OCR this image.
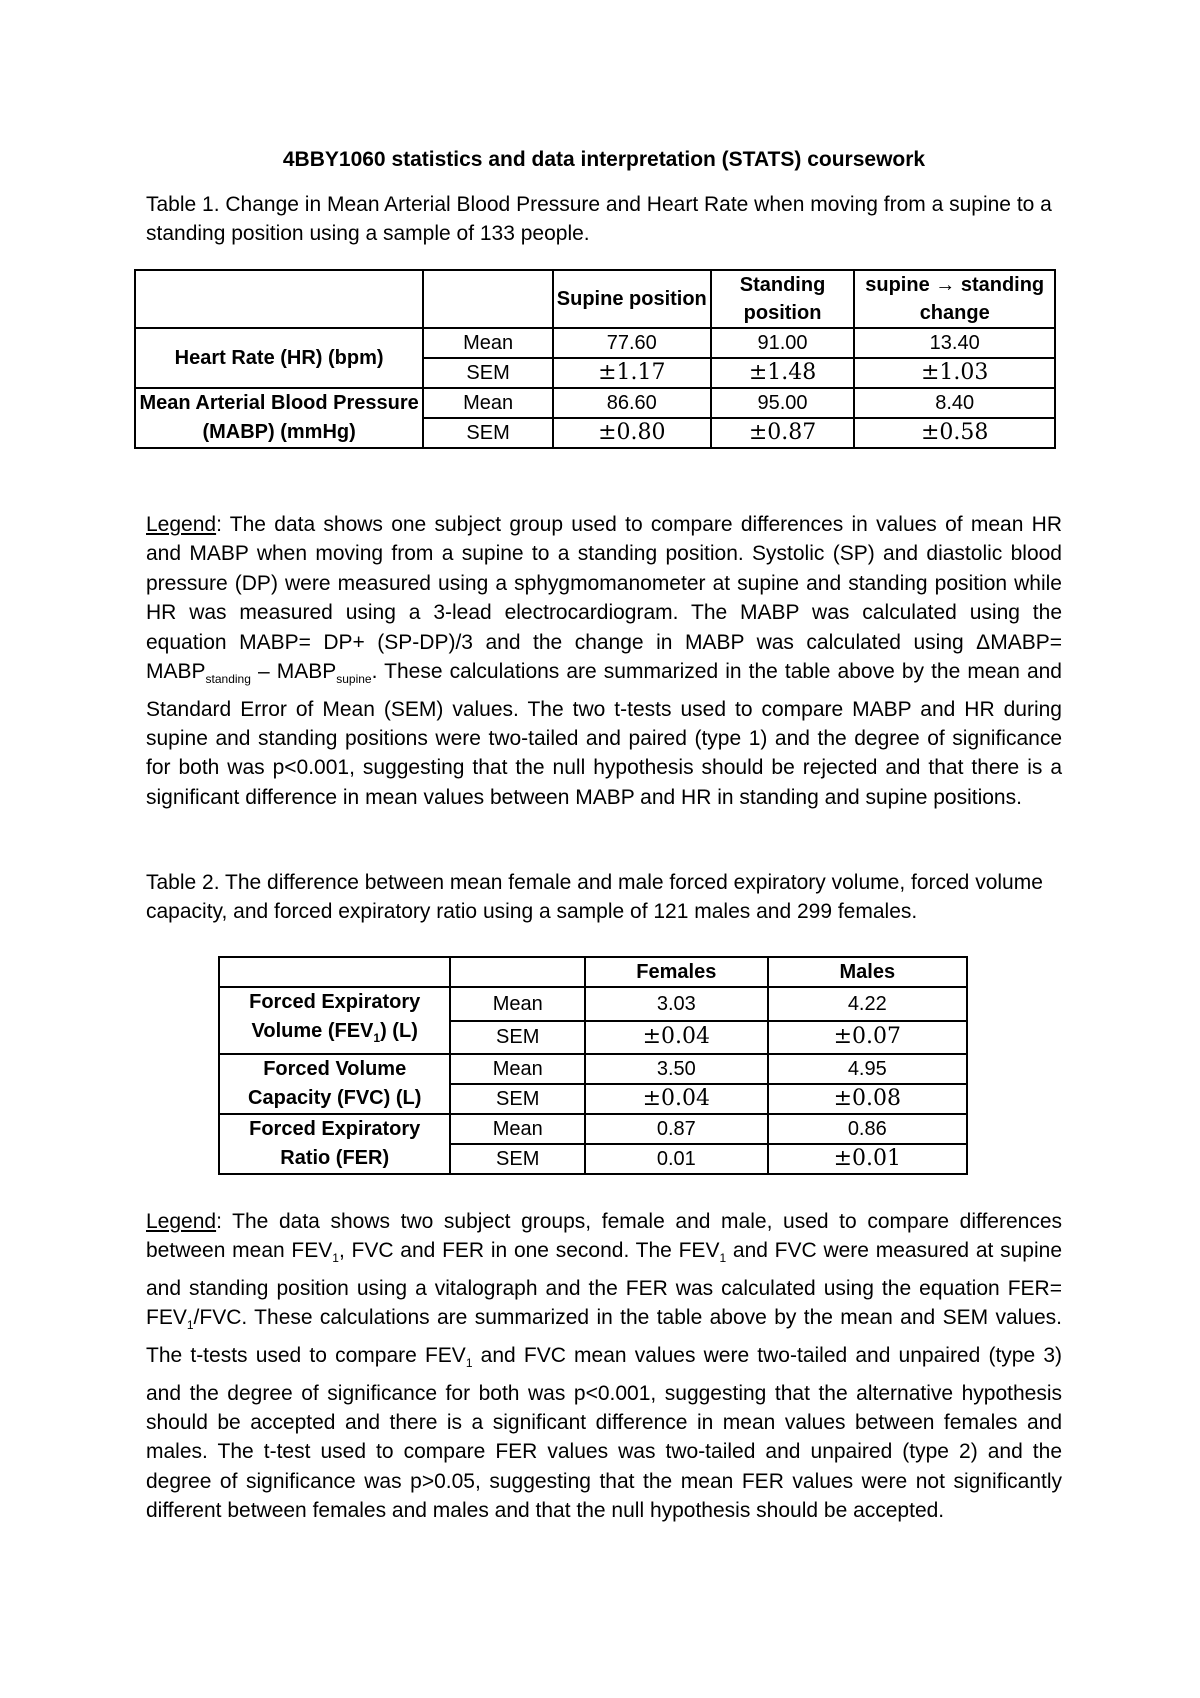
4BBY1060 statistics and data interpretation (STATS) coursework
Table 1. Change in Mean Arterial Blood Pressure and Heart Rate when moving from a supine to a standing position using a sample of 133 people.
		Supine position	Standing position	supine → standing change
Heart Rate (HR) (bpm)	Mean	77.60	91.00	13.40
	SEM	±1.17	±1.48	±1.03
Mean Arterial Blood Pressure (MABP) (mmHg)	Mean	86.60	95.00	8.40
	SEM	±0.80	±0.87	±0.58
Legend: The data shows one subject group used to compare differences in values of mean HR and MABP when moving from a supine to a standing position. Systolic (SP) and diastolic blood pressure (DP) were measured using a sphygmomanometer at supine and standing position while HR was measured using a 3-lead electrocardiogram. The MABP was calculated using the equation MABP= DP+ (SP-DP)/3 and the change in MABP was calculated using ΔMABP= $MABP_{standing}$ – $MABP_{supine}$. These calculations are summarized in the table above by the mean and Standard Error of Mean (SEM) values. The two t-tests used to compare MABP and HR during supine and standing positions were two-tailed and paired (type 1) and the degree of significance for both was p<0.001, suggesting that the null hypothesis should be rejected and that there is a significant difference in mean values between MABP and HR in standing and supine positions.
Table 2. The difference between mean female and male forced expiratory volume, forced volume capacity, and forced expiratory ratio using a sample of 121 males and 299 females.
		Females	Males
Forced Expiratory
Volume $(FEV_1)$ (L)	Mean	3.03	4.22
	SEM	±0.04	±0.07
Forced Volume
Capacity (FVC) (L)	Mean	3.50	4.95
	SEM	±0.04	±0.08
Forced Expiratory
Ratio (FER)	Mean	0.87	0.86
	SEM	0.01	±0.01
Legend: The data shows two subject groups, female and male, used to compare differences between mean $FEV_1$, FVC and FER in one second. The $FEV_1$ and FVC were measured at supine and standing position using a vitalograph and the FER was calculated using the equation $FER= FEV_1$/FVC. These calculations are summarized in the table above by the mean and SEM values. The t-tests used to compare $FEV_1$ and FVC mean values were two-tailed and unpaired (type 3) and the degree of significance for both was p<0.001, suggesting that the alternative hypothesis should be accepted and there is a significant difference in mean values between females and males. The t-test used to compare FER values was two-tailed and unpaired (type 2) and the degree of significance was p>0.05, suggesting that the mean FER values were not significantly different between females and males and that the null hypothesis should be accepted.
